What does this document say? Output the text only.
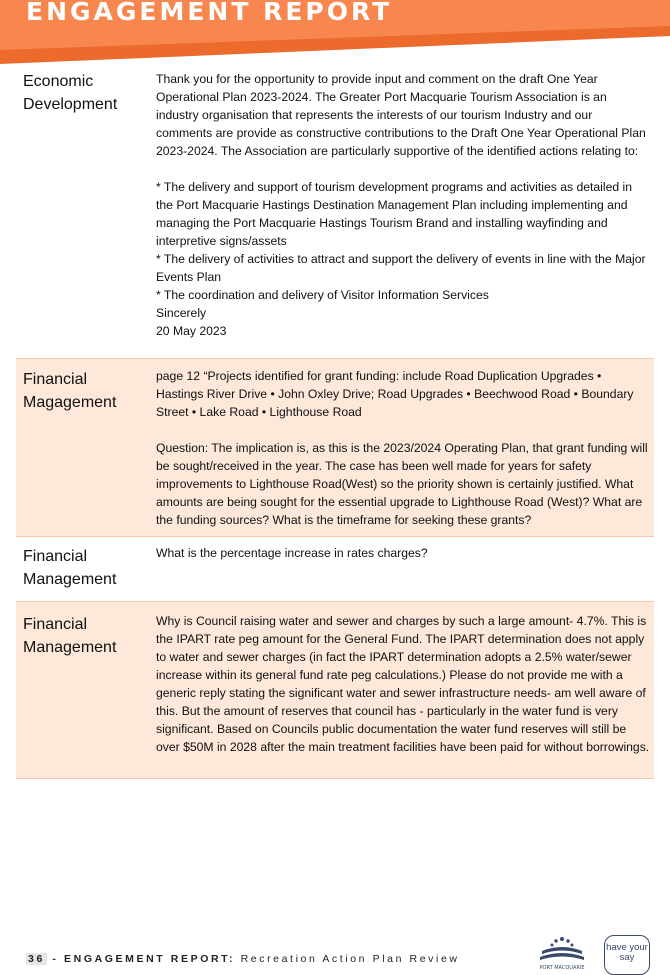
ENGAGEMENT REPORT
Economic
Development

Thank you for the opportunity to provide input and comment on the draft One Year Operational Plan 2023-2024. The Greater Port Macquarie Tourism Association is an industry organisation that represents the interests of our tourism Industry and our comments are provide as constructive contributions to the Draft One Year Operational Plan 2023-2024. The Association are particularly supportive of the identified actions relating to:

* The delivery and support of tourism development programs and activities as detailed in the Port Macquarie Hastings Destination Management Plan including implementing and managing the Port Macquarie Hastings Tourism Brand and installing wayfinding and interpretive signs/assets
* The delivery of activities to attract and support the delivery of events in line with the Major Events Plan
* The coordination and delivery of Visitor Information Services
Sincerely
20 May 2023

Financial
Magagement

page 12 “Projects identified for grant funding: include Road Duplication Upgrades • Hastings River Drive • John Oxley Drive; Road Upgrades • Beechwood Road • Boundary Street • Lake Road • Lighthouse Road

Question: The implication is, as this is the 2023/2024 Operating Plan, that grant funding will be sought/received in the year. The case has been well made for years for safety improvements to Lighthouse Road(West) so the priority shown is certainly justified. What amounts are being sought for the essential upgrade to Lighthouse Road (West)? What are the funding sources? What is the timeframe for seeking these grants?

Financial
Management

What is the percentage increase in rates charges?

Financial
Management

Why is Council raising water and sewer and charges by such a large amount- 4.7%. This is the IPART rate peg amount for the General Fund. The IPART determination does not apply to water and sewer charges (in fact the IPART determination adopts a 2.5% water/sewer increase within its general fund rate peg calculations.) Please do not provide me with a generic reply stating the significant water and sewer infrastructure needs- am well aware of this. But the amount of reserves that council has - particularly in the water fund is very significant. Based on Councils public documentation the water fund reserves will still be over $50M in 2028 after the main treatment facilities have been paid for without borrowings.

36 - ENGAGEMENT REPORT: Recreation Action Plan Review
PORT MACQUARIE
have your say
